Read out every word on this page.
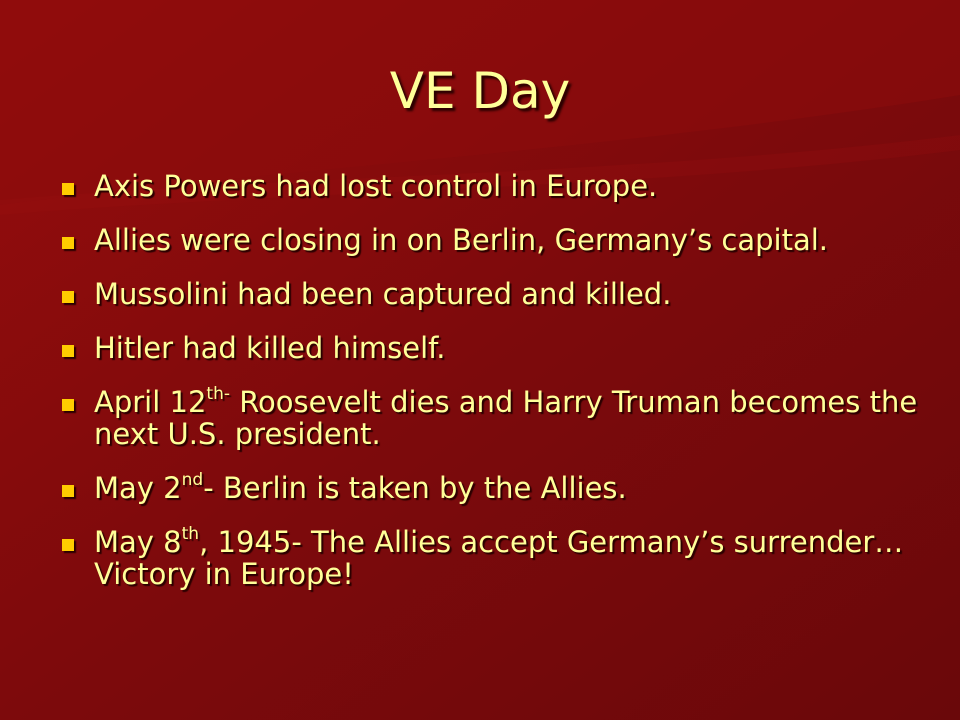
VE Day
Axis Powers had lost control in Europe.
Allies were closing in on Berlin, Germany’s capital.
Mussolini had been captured and killed.
Hitler had killed himself.
April $12^{th-}$ Roosevelt dies and Harry Truman becomes the next U.S. president.
May 2nd- Berlin is taken by the Allies.
May 8th, 1945- The Allies accept Germany’s surrender…Victory in Europe!
